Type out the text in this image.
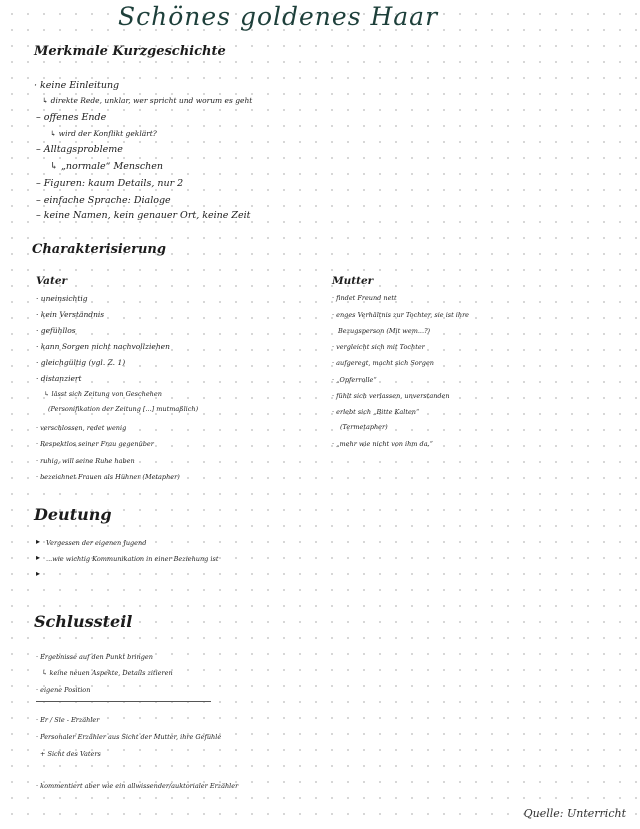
Schönes goldenes Haar
Merkmale Kurzgeschichte
· keine Einleitung
↳ direkte Rede, unklar, wer spricht und worum es geht
– offenes Ende
↳ wird der Konflikt geklärt?
– Alltagsprobleme
↳ „normale“ Menschen
– Figuren: kaum Details, nur 2
– einfache Sprache: Dialoge
– keine Namen, kein genauer Ort, keine Zeit
Charakterisierung
Vater
· uneinsichtig
· kein Verständnis
· gefühllos
· kann Sorgen nicht nachvollziehen
· gleichgültig (vgl. Z. 1)
· distanziert
↳ lässt sich Zeitung von Geschehen
(Personifikation der Zeitung [...] mutmaßlich)
· verschlossen, redet wenig
· Respektlos seiner Frau gegenüber
· ruhig, will seine Ruhe haben
· bezeichnet Frauen als Hühner (Metapher)
Mutter
· findet Freund nett
· enges Verhältnis zur Tochter, sie ist ihre
Bezugsperson (Mit wem...?)
· vergleicht sich mit Tochter
· aufgeregt, macht sich Sorgen
· „Opferrolle“
· fühlt sich verlassen, unverstanden
· erlebt sich „Bitte Kalten“
(Termetapher)
· „mehr wie nicht von ihm da.“
Deutung
▸ Vergessen der eigenen Jugend
▸ ...wie wichtig Kommunikation in einer Beziehung ist
▸
Schlussteil
· Ergebnisse auf den Punkt bringen
↳ keine neuen Aspekte, Details zitieren
· eigene Position
· Er / Sie - Erzähler
· Personaler Erzähler aus Sicht der Mutter, ihre Gefühle
+ Sicht des Vaters
· kommentiert aber wie ein allwissender/auktorialer Erzähler
Quelle: Unterricht
